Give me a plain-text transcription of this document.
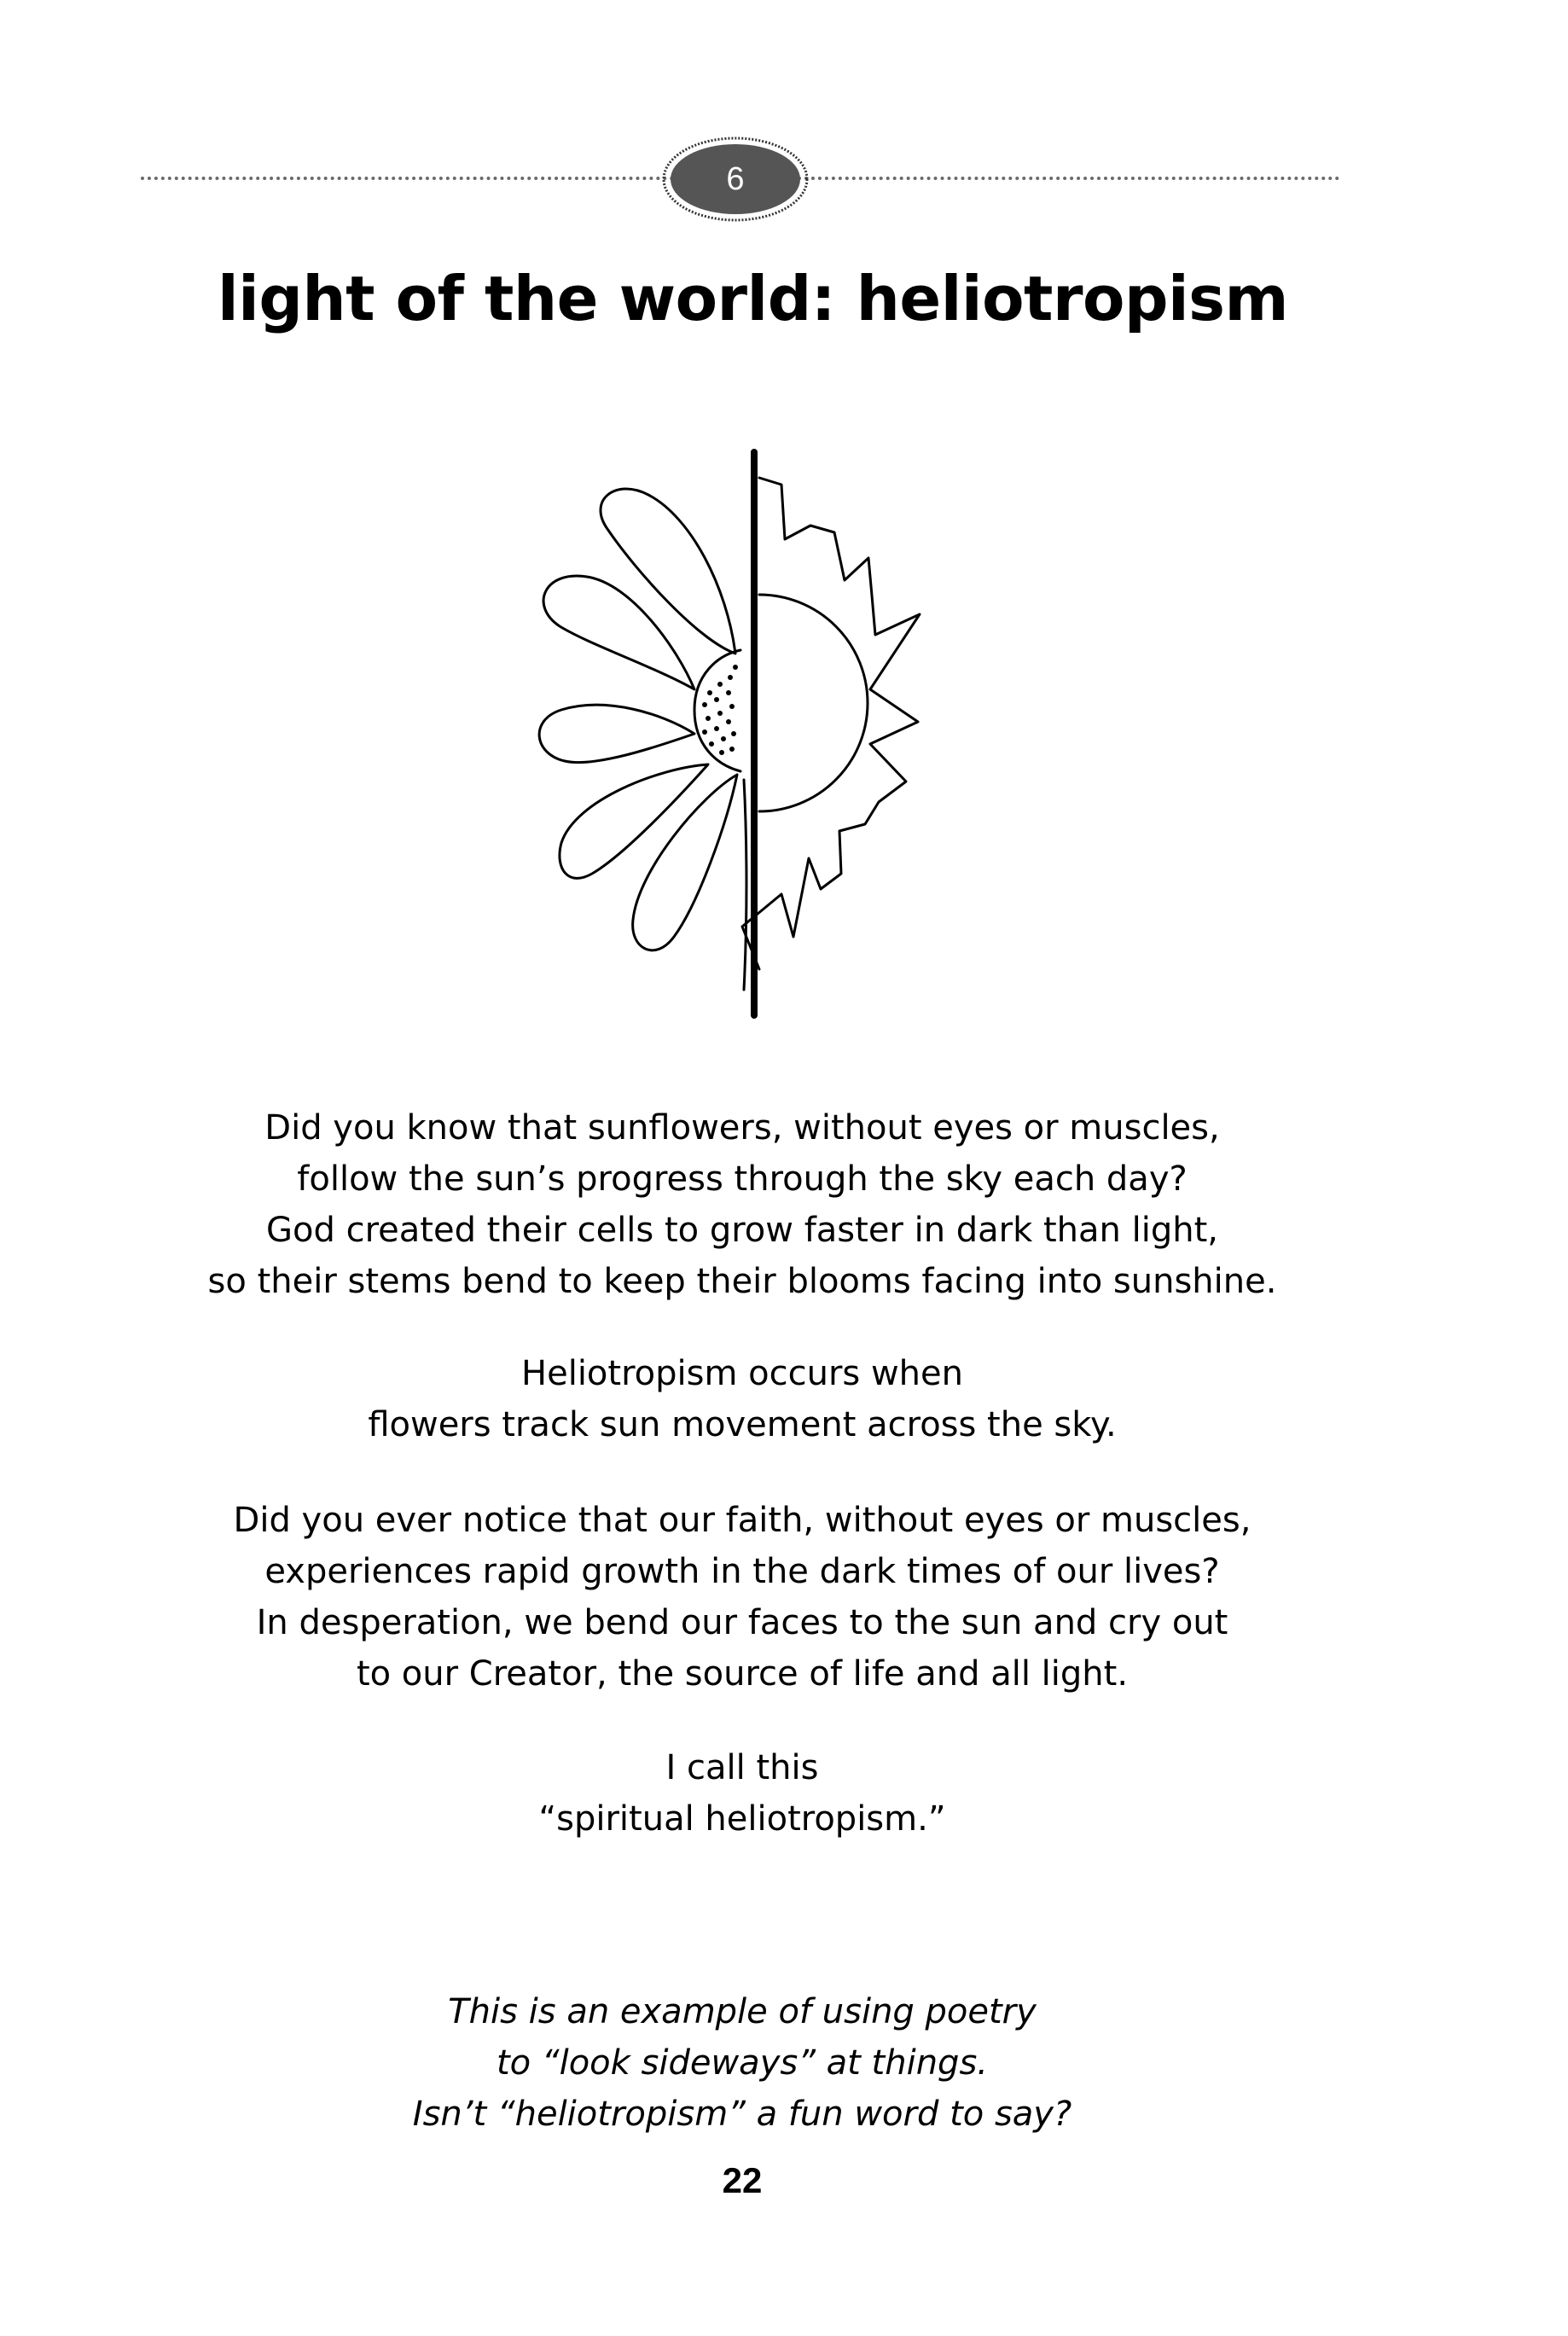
6
light of the world: heliotropism
Did you know that sunflowers, without eyes or muscles,
follow the sun’s progress through the sky each day?
God created their cells to grow faster in dark than light,
so their stems bend to keep their blooms facing into sunshine.
Heliotropism occurs when
flowers track sun movement across the sky.
Did you ever notice that our faith, without eyes or muscles,
experiences rapid growth in the dark times of our lives?
In desperation, we bend our faces to the sun and cry out
to our Creator, the source of life and all light.
I call this
“spiritual heliotropism.”
This is an example of using poetry
to “look sideways” at things.
Isn’t “heliotropism” a fun word to say?
22
